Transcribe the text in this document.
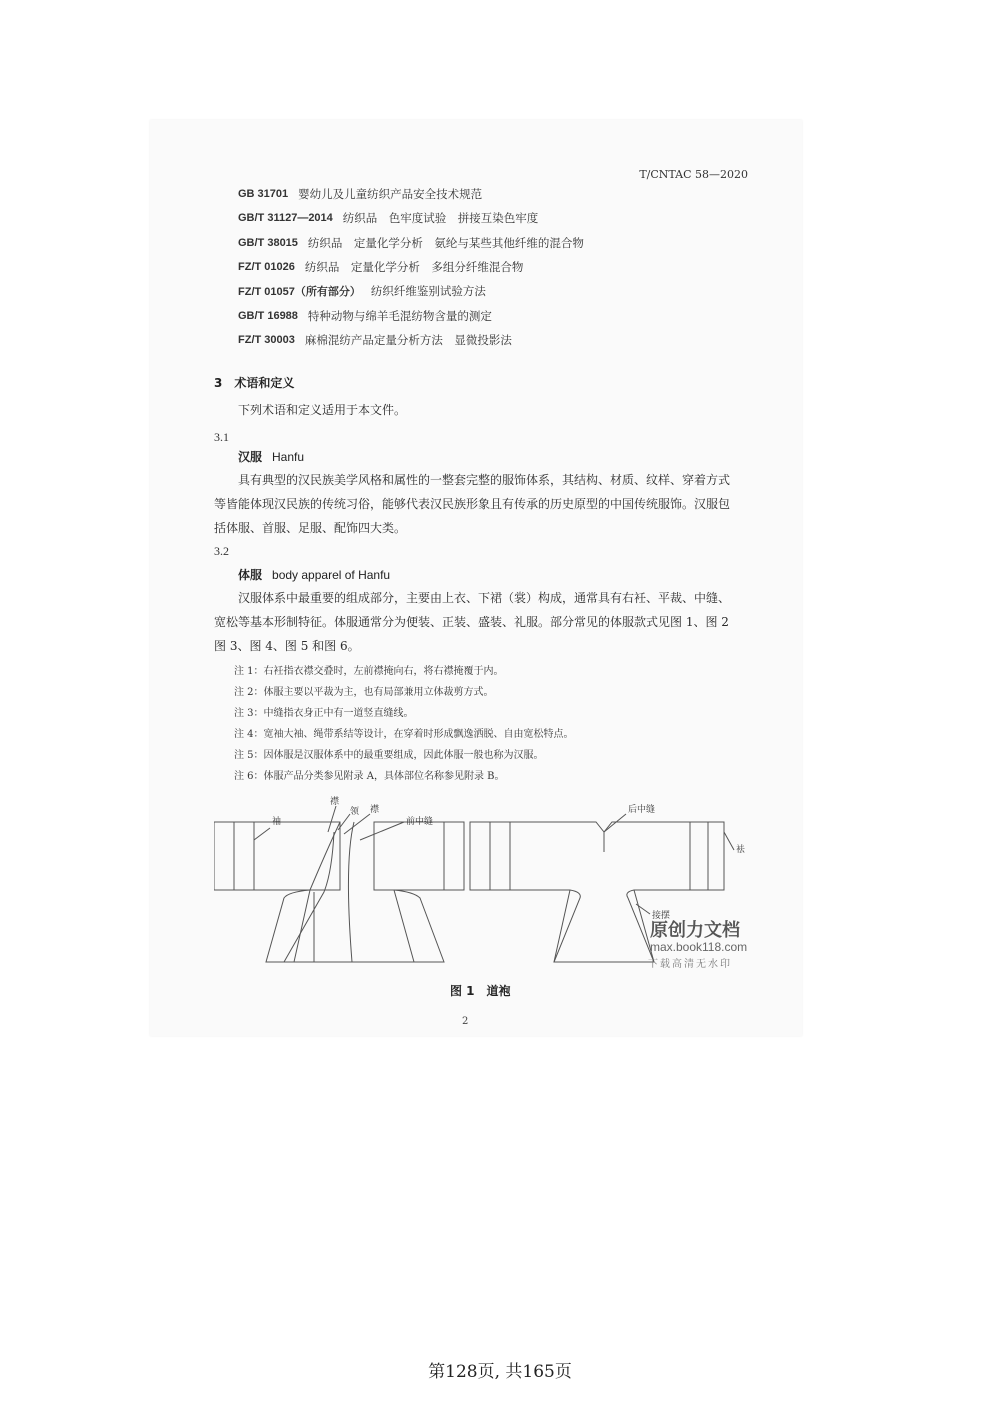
T/CNTAC 58—2020
GB 31701 婴幼儿及儿童纺织产品安全技术规范
GB/T 31127—2014 纺织品　色牢度试验　拼接互染色牢度
GB/T 38015 纺织品　定量化学分析　氨纶与某些其他纤维的混合物
FZ/T 01026 纺织品　定量化学分析　多组分纤维混合物
FZ/T 01057（所有部分） 纺织纤维鉴别试验方法
GB/T 16988 特种动物与绵羊毛混纺物含量的测定
FZ/T 30003 麻棉混纺产品定量分析方法　显微投影法
3　术语和定义
下列术语和定义适用于本文件。
3.1
汉服 Hanfu
具有典型的汉民族美学风格和属性的一整套完整的服饰体系，其结构、材质、纹样、穿着方式
等皆能体现汉民族的传统习俗，能够代表汉民族形象且有传承的历史原型的中国传统服饰。汉服包
括体服、首服、足服、配饰四大类。
3.2
体服 body apparel of Hanfu
汉服体系中最重要的组成部分，主要由上衣、下裙（裳）构成，通常具有右衽、平裁、中缝、
宽松等基本形制特征。体服通常分为便装、正装、盛装、礼服。部分常见的体服款式见图 1、图 2
图 3、图 4、图 5 和图 6。
注 1：右衽指衣襟交叠时，左前襟掩向右，将右襟掩覆于内。
注 2：体服主要以平裁为主，也有局部兼用立体裁剪方式。
注 3：中缝指衣身正中有一道竖直缝线。
注 4：宽袖大袖、绳带系结等设计，在穿着时形成飘逸洒脱、自由宽松特点。
注 5：因体服是汉服体系中的最重要组成，因此体服一般也称为汉服。
注 6：体服产品分类参见附录 A，具体部位名称参见附录 B。
袖
襟
领 襟
前中缝
后中缝
袪
接摆
原创力文档
max.book118.com
下载高清无水印
图 1　道袍
2
第128页, 共165页
